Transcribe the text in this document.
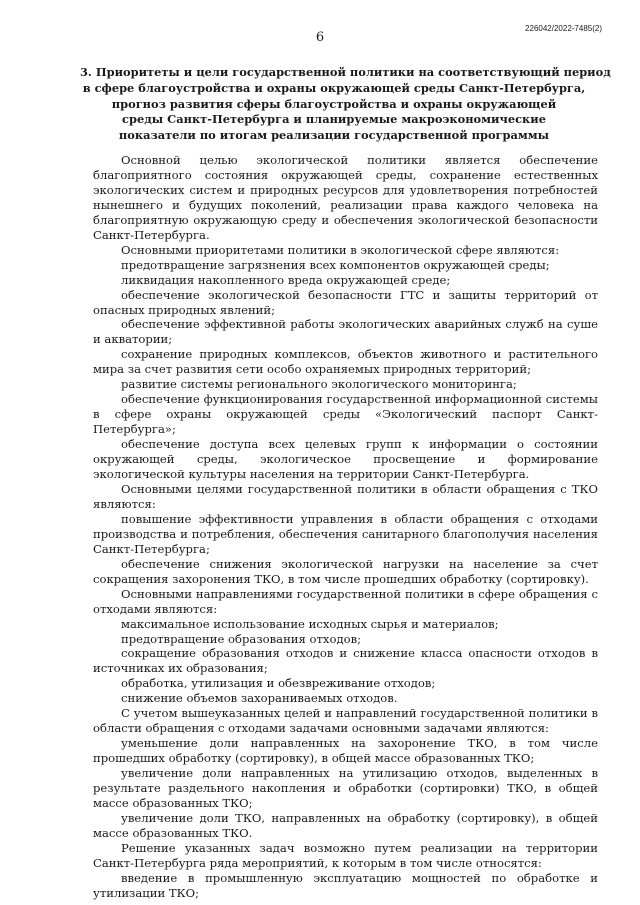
6
226042/2022-7485(2)
3. Приоритеты и цели государственной политики на соответствующий период
в сфере благоустройства и охраны окружающей среды Санкт-Петербурга,
прогноз развития сферы благоустройства и охраны окружающей
среды Санкт-Петербурга и планируемые макроэкономические
показатели по итогам реализации государственной программы

Основной целью экологической политики является обеспечение благоприятного состояния окружающей среды, сохранение естественных экологических систем и природных ресурсов для удовлетворения потребностей нынешнего и будущих поколений, реализации права каждого человека на благоприятную окружающую среду и обеспечения экологической безопасности Санкт-Петербурга.

Основными приоритетами политики в экологической сфере являются:

предотвращение загрязнения всех компонентов окружающей среды;

ликвидация накопленного вреда окружающей среде;

обеспечение экологической безопасности ГТС и защиты территорий от опасных природных явлений;

обеспечение эффективной работы экологических аварийных служб на суше и акватории;

сохранение природных комплексов, объектов животного и растительного мира за счет развития сети особо охраняемых природных территорий;

развитие системы регионального экологического мониторинга;

обеспечение функционирования государственной информационной системы в сфере охраны окружающей среды «Экологический паспорт Санкт-Петербурга»;

обеспечение доступа всех целевых групп к информации о состоянии окружающей среды, экологическое просвещение и формирование экологической культуры населения на территории Санкт-Петербурга.

Основными целями государственной политики в области обращения с ТКО являются:

повышение эффективности управления в области обращения с отходами производства и потребления, обеспечения санитарного благополучия населения Санкт-Петербурга;

обеспечение снижения экологической нагрузки на население за счет сокращения захоронения ТКО, в том числе прошедших обработку (сортировку).

Основными направлениями государственной политики в сфере обращения с отходами являются:

максимальное использование исходных сырья и материалов;

предотвращение образования отходов;

сокращение образования отходов и снижение класса опасности отходов в источниках их образования;

обработка, утилизация и обезвреживание отходов;

снижение объемов захораниваемых отходов.

С учетом вышеуказанных целей и направлений государственной политики в области обращения с отходами задачами основными задачами являются:

уменьшение доли направленных на захоронение ТКО, в том числе прошедших обработку (сортировку), в общей массе образованных ТКО;

увеличение доли направленных на утилизацию отходов, выделенных в результате раздельного накопления и обработки (сортировки) ТКО, в общей массе образованных ТКО;

увеличение доли ТКО, направленных на обработку (сортировку), в общей массе образованных ТКО.

Решение указанных задач возможно путем реализации на территории Санкт-Петербурга ряда мероприятий, к которым в том числе относятся:

введение в промышленную эксплуатацию мощностей по обработке и утилизации ТКО;
